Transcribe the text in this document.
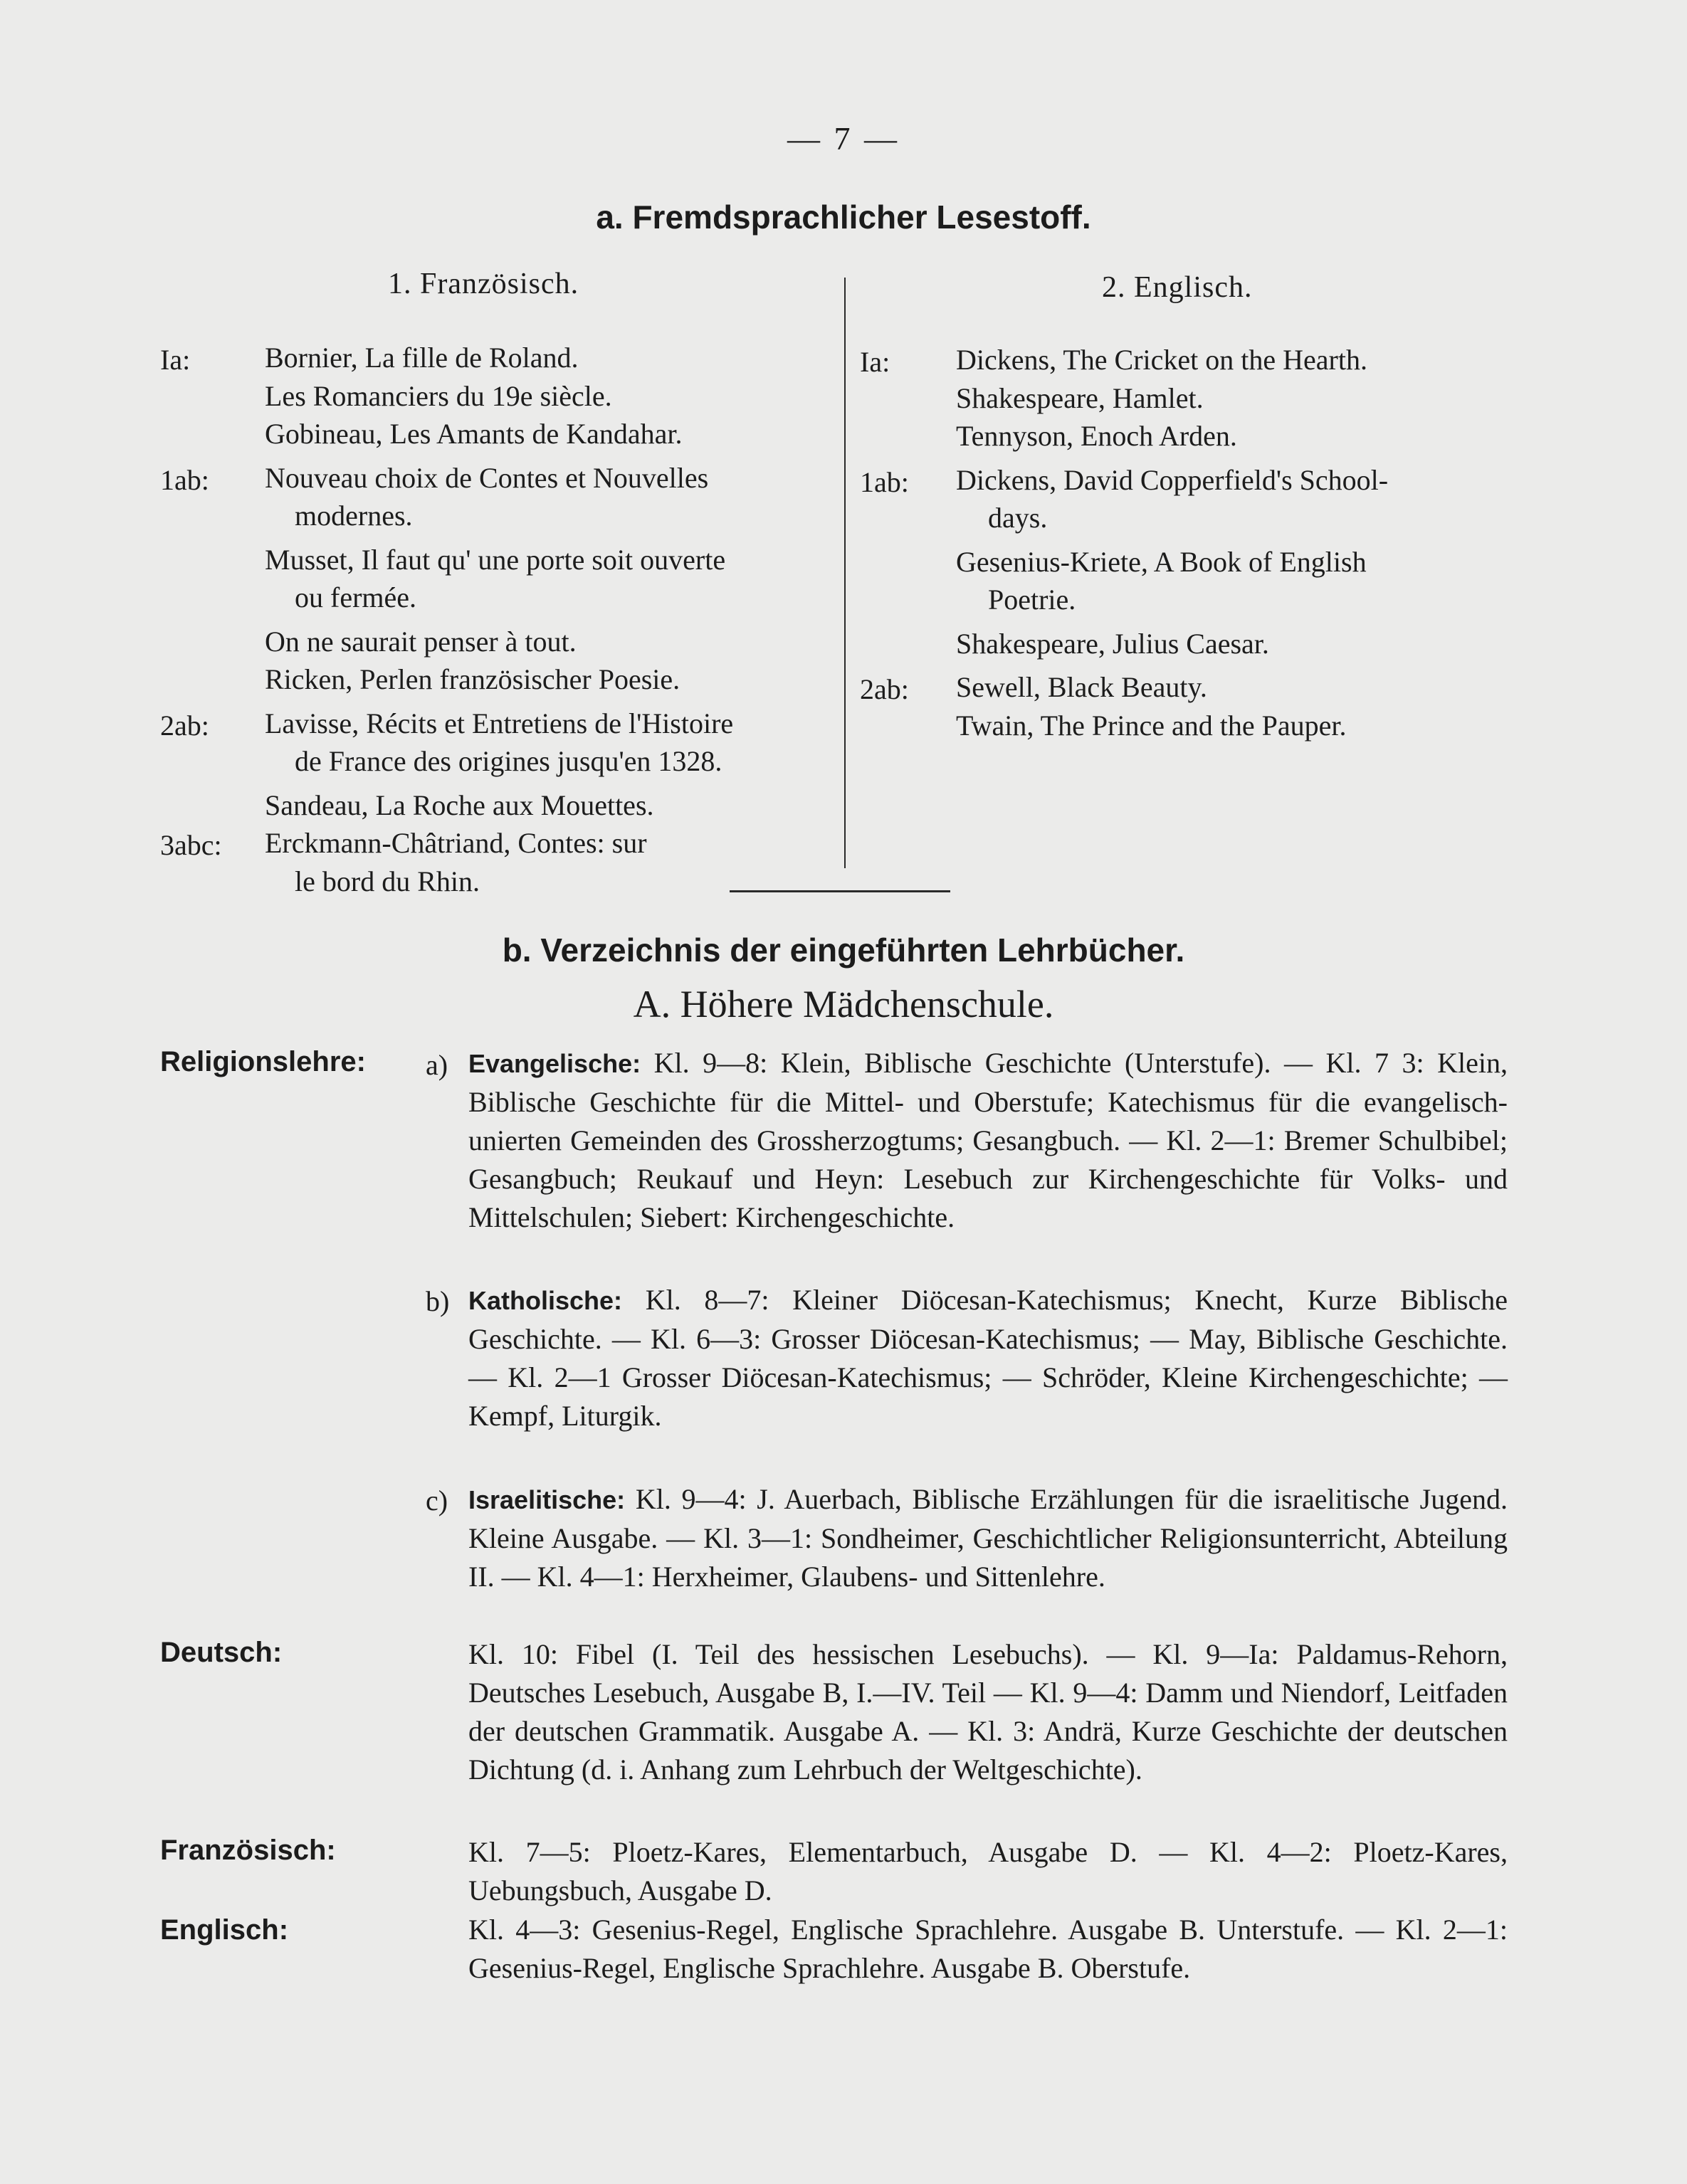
— 7 —
a. Fremdsprachlicher Lesestoff.
1. Französisch.
Ia:	Bornier, La fille de Roland.
Les Romanciers du 19e siècle.
Gobineau, Les Amants de Kandahar.
1ab: Nouveau choix de Contes et Nouvelles
modernes.
Musset, Il faut qu' une porte soit ouverte
ou fermée.
On ne saurait penser à tout.
Ricken, Perlen französischer Poesie.
2ab: Lavisse, Récits et Entretiens de l'Histoire
de France des origines jusqu'en 1328.
Sandeau, La Roche aux Mouettes.
3abc: Erckmann-Châtriand, Contes: sur
le bord du Rhin.
2. Englisch.
Ia: Dickens, The Cricket on the Hearth.
Shakespeare, Hamlet.
Tennyson, Enoch Arden.
1ab: Dickens, David Copperfield's School-
days.
Gesenius-Kriete, A Book of English
Poetrie.
Shakespeare, Julius Caesar.
2ab: Sewell, Black Beauty.
Twain, The Prince and the Pauper.
b. Verzeichnis der eingeführten Lehrbücher.
A. Höhere Mädchenschule.
Religionslehre: a) Evangelische: Kl. 9—8: Klein, Biblische Geschichte (Unterstufe). — Kl. 7 3: Klein, Biblische Geschichte für die Mittel- und Oberstufe; Katechismus für die evangelisch-unierten Gemeinden des Grossherzogtums; Gesangbuch. — Kl. 2—1: Bremer Schulbibel; Gesangbuch; Reukauf und Heyn: Lesebuch zur Kirchengeschichte für Volks- und Mittelschulen; Siebert: Kirchengeschichte.
b) Katholische: Kl. 8—7: Kleiner Diöcesan-Katechismus; Knecht, Kurze Biblische Geschichte. — Kl. 6—3: Grosser Diöcesan-Katechismus; — May, Biblische Geschichte. — Kl. 2—1 Grosser Diöcesan-Katechismus; — Schröder, Kleine Kirchengeschichte; — Kempf, Liturgik.
c) Israelitische: Kl. 9—4: J. Auerbach, Biblische Erzählungen für die israelitische Jugend. Kleine Ausgabe. — Kl. 3—1: Sondheimer, Geschichtlicher Religionsunterricht, Abteilung II. — Kl. 4—1: Herxheimer, Glaubens- und Sittenlehre.
Deutsch:	Kl. 10: Fibel (I. Teil des hessischen Lesebuchs). — Kl. 9—Ia: Paldamus-Rehorn, Deutsches Lesebuch, Ausgabe B, I.—IV. Teil — Kl. 9—4: Damm und Niendorf, Leitfaden der deutschen Grammatik. Ausgabe A. — Kl. 3: Andrä, Kurze Geschichte der deutschen Dichtung (d. i. Anhang zum Lehrbuch der Weltgeschichte).
Französisch:	Kl. 7—5: Ploetz-Kares, Elementarbuch, Ausgabe D. — Kl. 4—2: Ploetz-Kares, Uebungsbuch, Ausgabe D.
Englisch:	Kl. 4—3: Gesenius-Regel, Englische Sprachlehre. Ausgabe B. Unterstufe. — Kl. 2—1: Gesenius-Regel, Englische Sprachlehre. Ausgabe B. Oberstufe.
